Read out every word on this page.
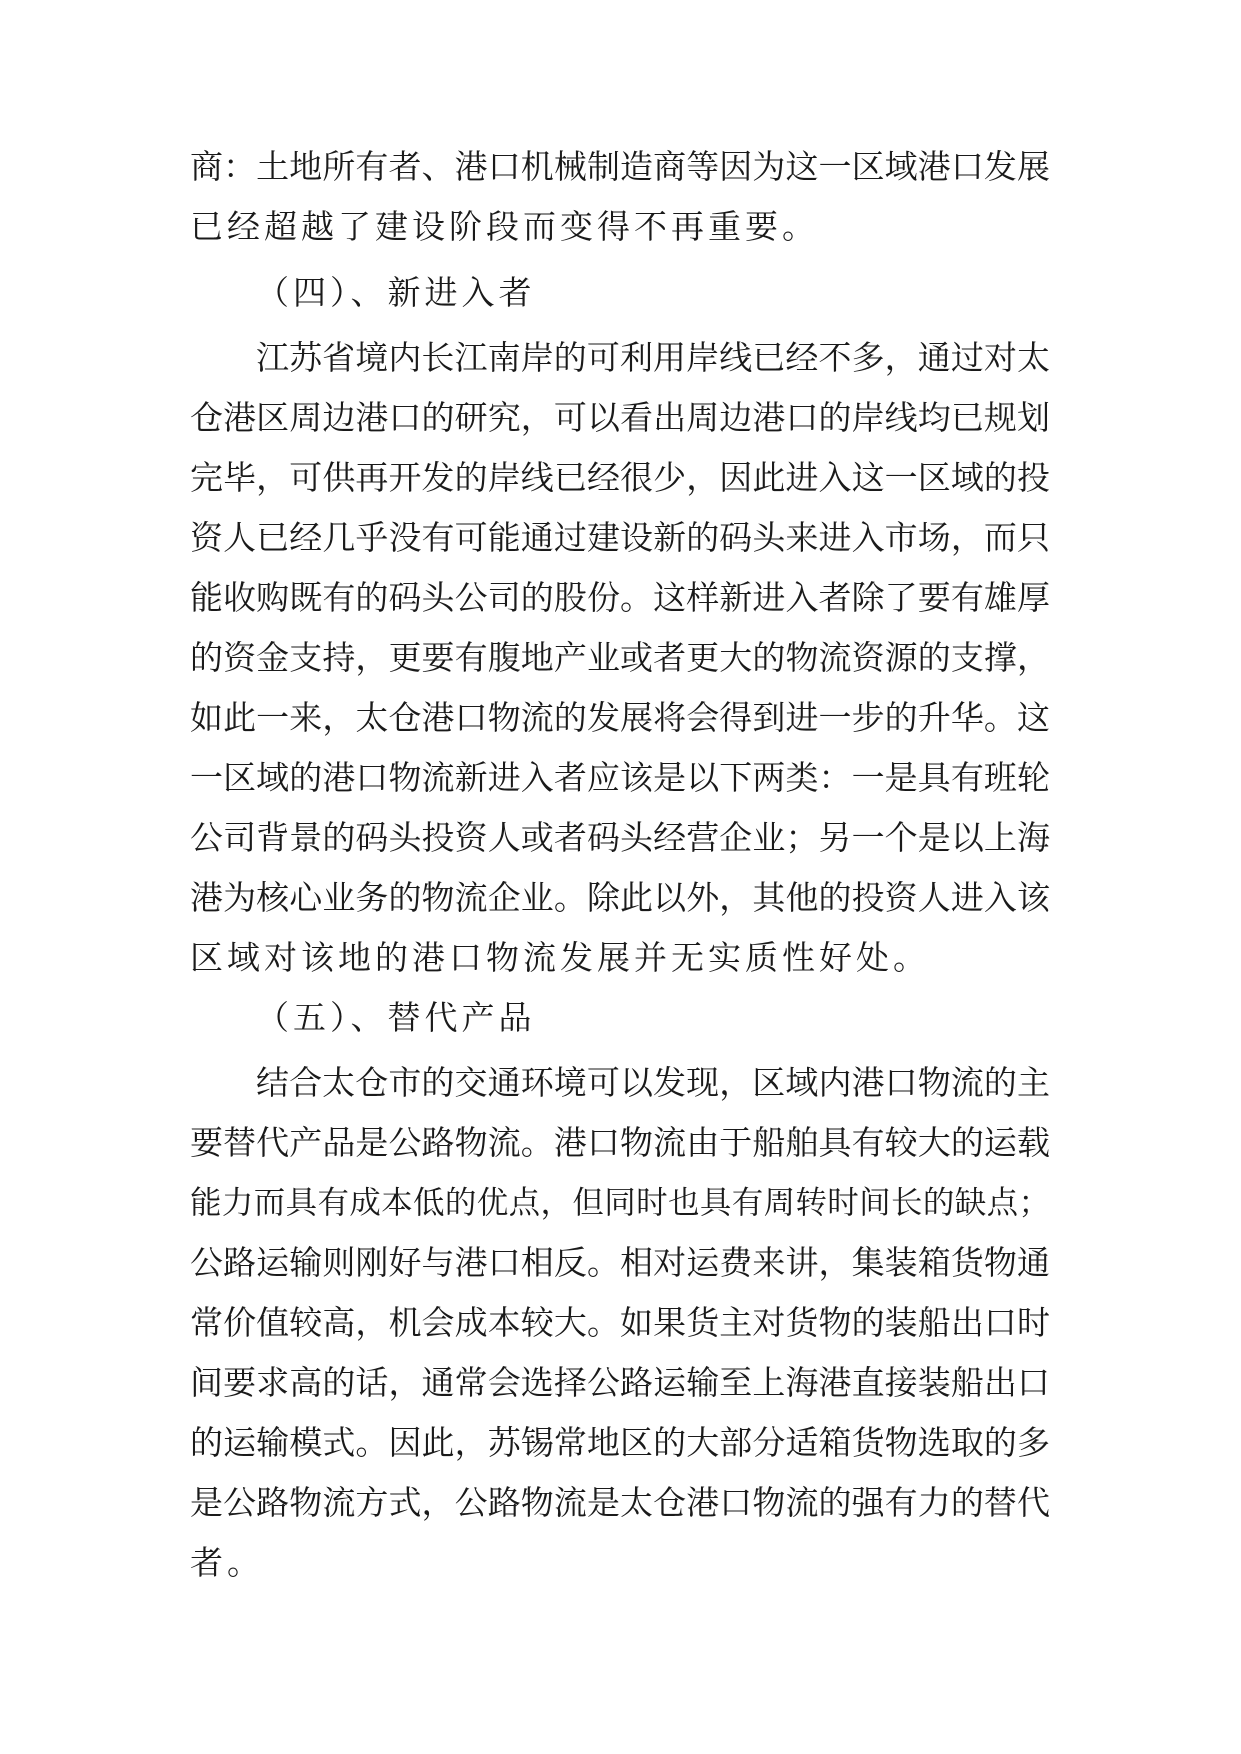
商：土地所有者、港口机械制造商等因为这一区域港口发展
已经超越了建设阶段而变得不再重要。
（四）、新进入者
江苏省境内长江南岸的可利用岸线已经不多，通过对太
仓港区周边港口的研究，可以看出周边港口的岸线均已规划
完毕，可供再开发的岸线已经很少，因此进入这一区域的投
资人已经几乎没有可能通过建设新的码头来进入市场，而只
能收购既有的码头公司的股份。这样新进入者除了要有雄厚
的资金支持，更要有腹地产业或者更大的物流资源的支撑，
如此一来，太仓港口物流的发展将会得到进一步的升华。这
一区域的港口物流新进入者应该是以下两类：一是具有班轮
公司背景的码头投资人或者码头经营企业；另一个是以上海
港为核心业务的物流企业。除此以外，其他的投资人进入该
区域对该地的港口物流发展并无实质性好处。
（五）、替代产品
结合太仓市的交通环境可以发现，区域内港口物流的主
要替代产品是公路物流。港口物流由于船舶具有较大的运载
能力而具有成本低的优点，但同时也具有周转时间长的缺点；
公路运输则刚好与港口相反。相对运费来讲，集装箱货物通
常价值较高，机会成本较大。如果货主对货物的装船出口时
间要求高的话，通常会选择公路运输至上海港直接装船出口
的运输模式。因此，苏锡常地区的大部分适箱货物选取的多
是公路物流方式，公路物流是太仓港口物流的强有力的替代
者。
